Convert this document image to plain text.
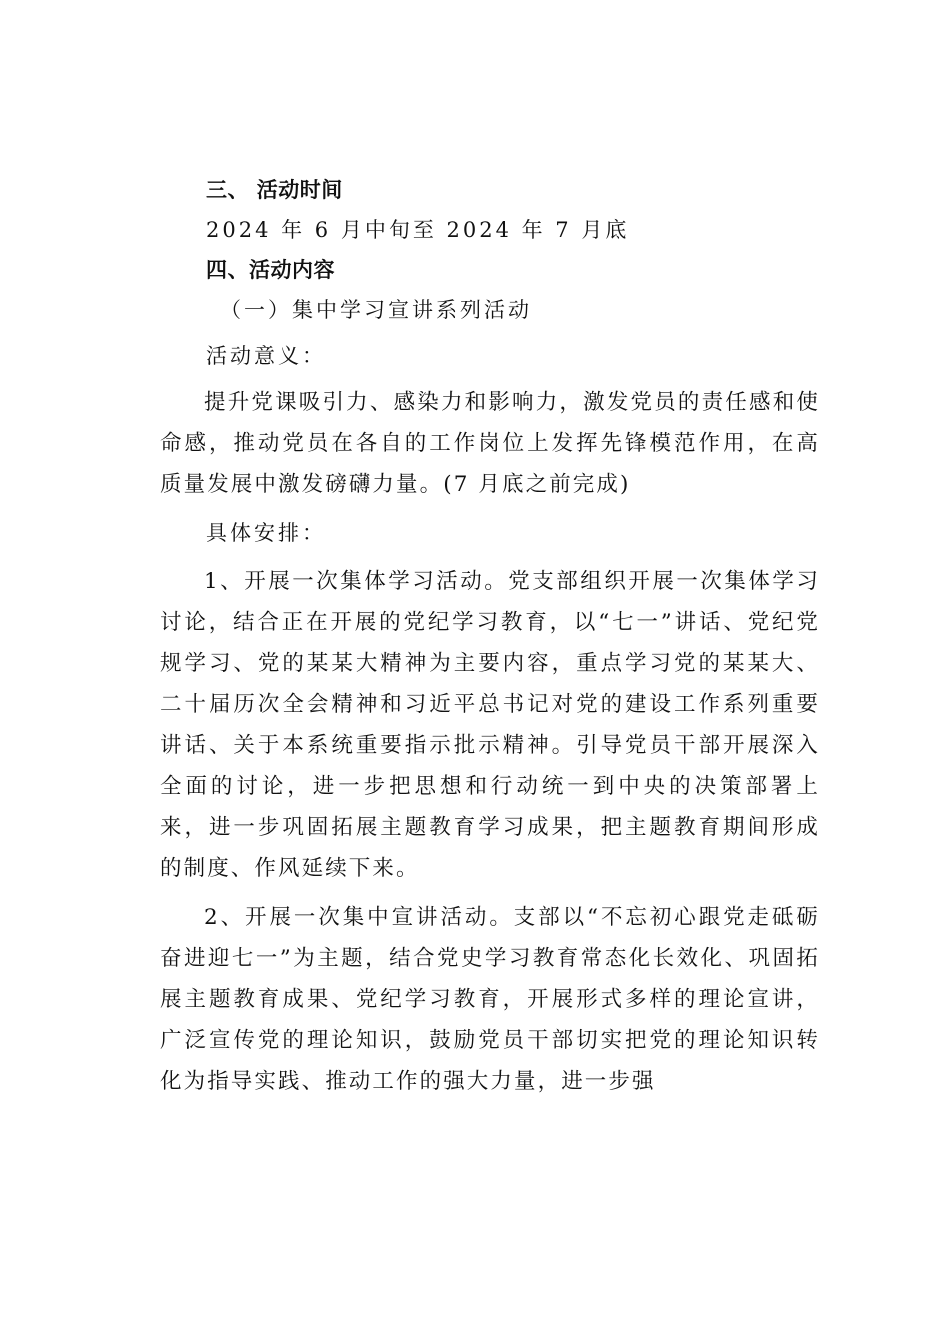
三、 活动时间
2024 年 6 月中旬至 2024 年 7 月底
四、活动内容
（一）集中学习宣讲系列活动
活动意义：

提升党课吸引力、感染力和影响力，激发党员的责任感和使命感，推动党员在各自的工作岗位上发挥先锋模范作用，在高质量发展中激发磅礴力量。(7 月底之前完成)

具体安排：

1、开展一次集体学习活动。党支部组织开展一次集体学习讨论，结合正在开展的党纪学习教育，以“七一”讲话、党纪党规学习、党的某某大精神为主要内容，重点学习党的某某大、二十届历次全会精神和习近平总书记对党的建设工作系列重要讲话、关于本系统重要指示批示精神。引导党员干部开展深入全面的讨论，进一步把思想和行动统一到中央的决策部署上来，进一步巩固拓展主题教育学习成果，把主题教育期间形成的制度、作风延续下来。

2、开展一次集中宣讲活动。支部以“不忘初心跟党走砥砺奋进迎七一”为主题，结合党史学习教育常态化长效化、巩固拓展主题教育成果、党纪学习教育，开展形式多样的理论宣讲，广泛宣传党的理论知识，鼓励党员干部切实把党的理论知识转化为指导实践、推动工作的强大力量，进一步强
